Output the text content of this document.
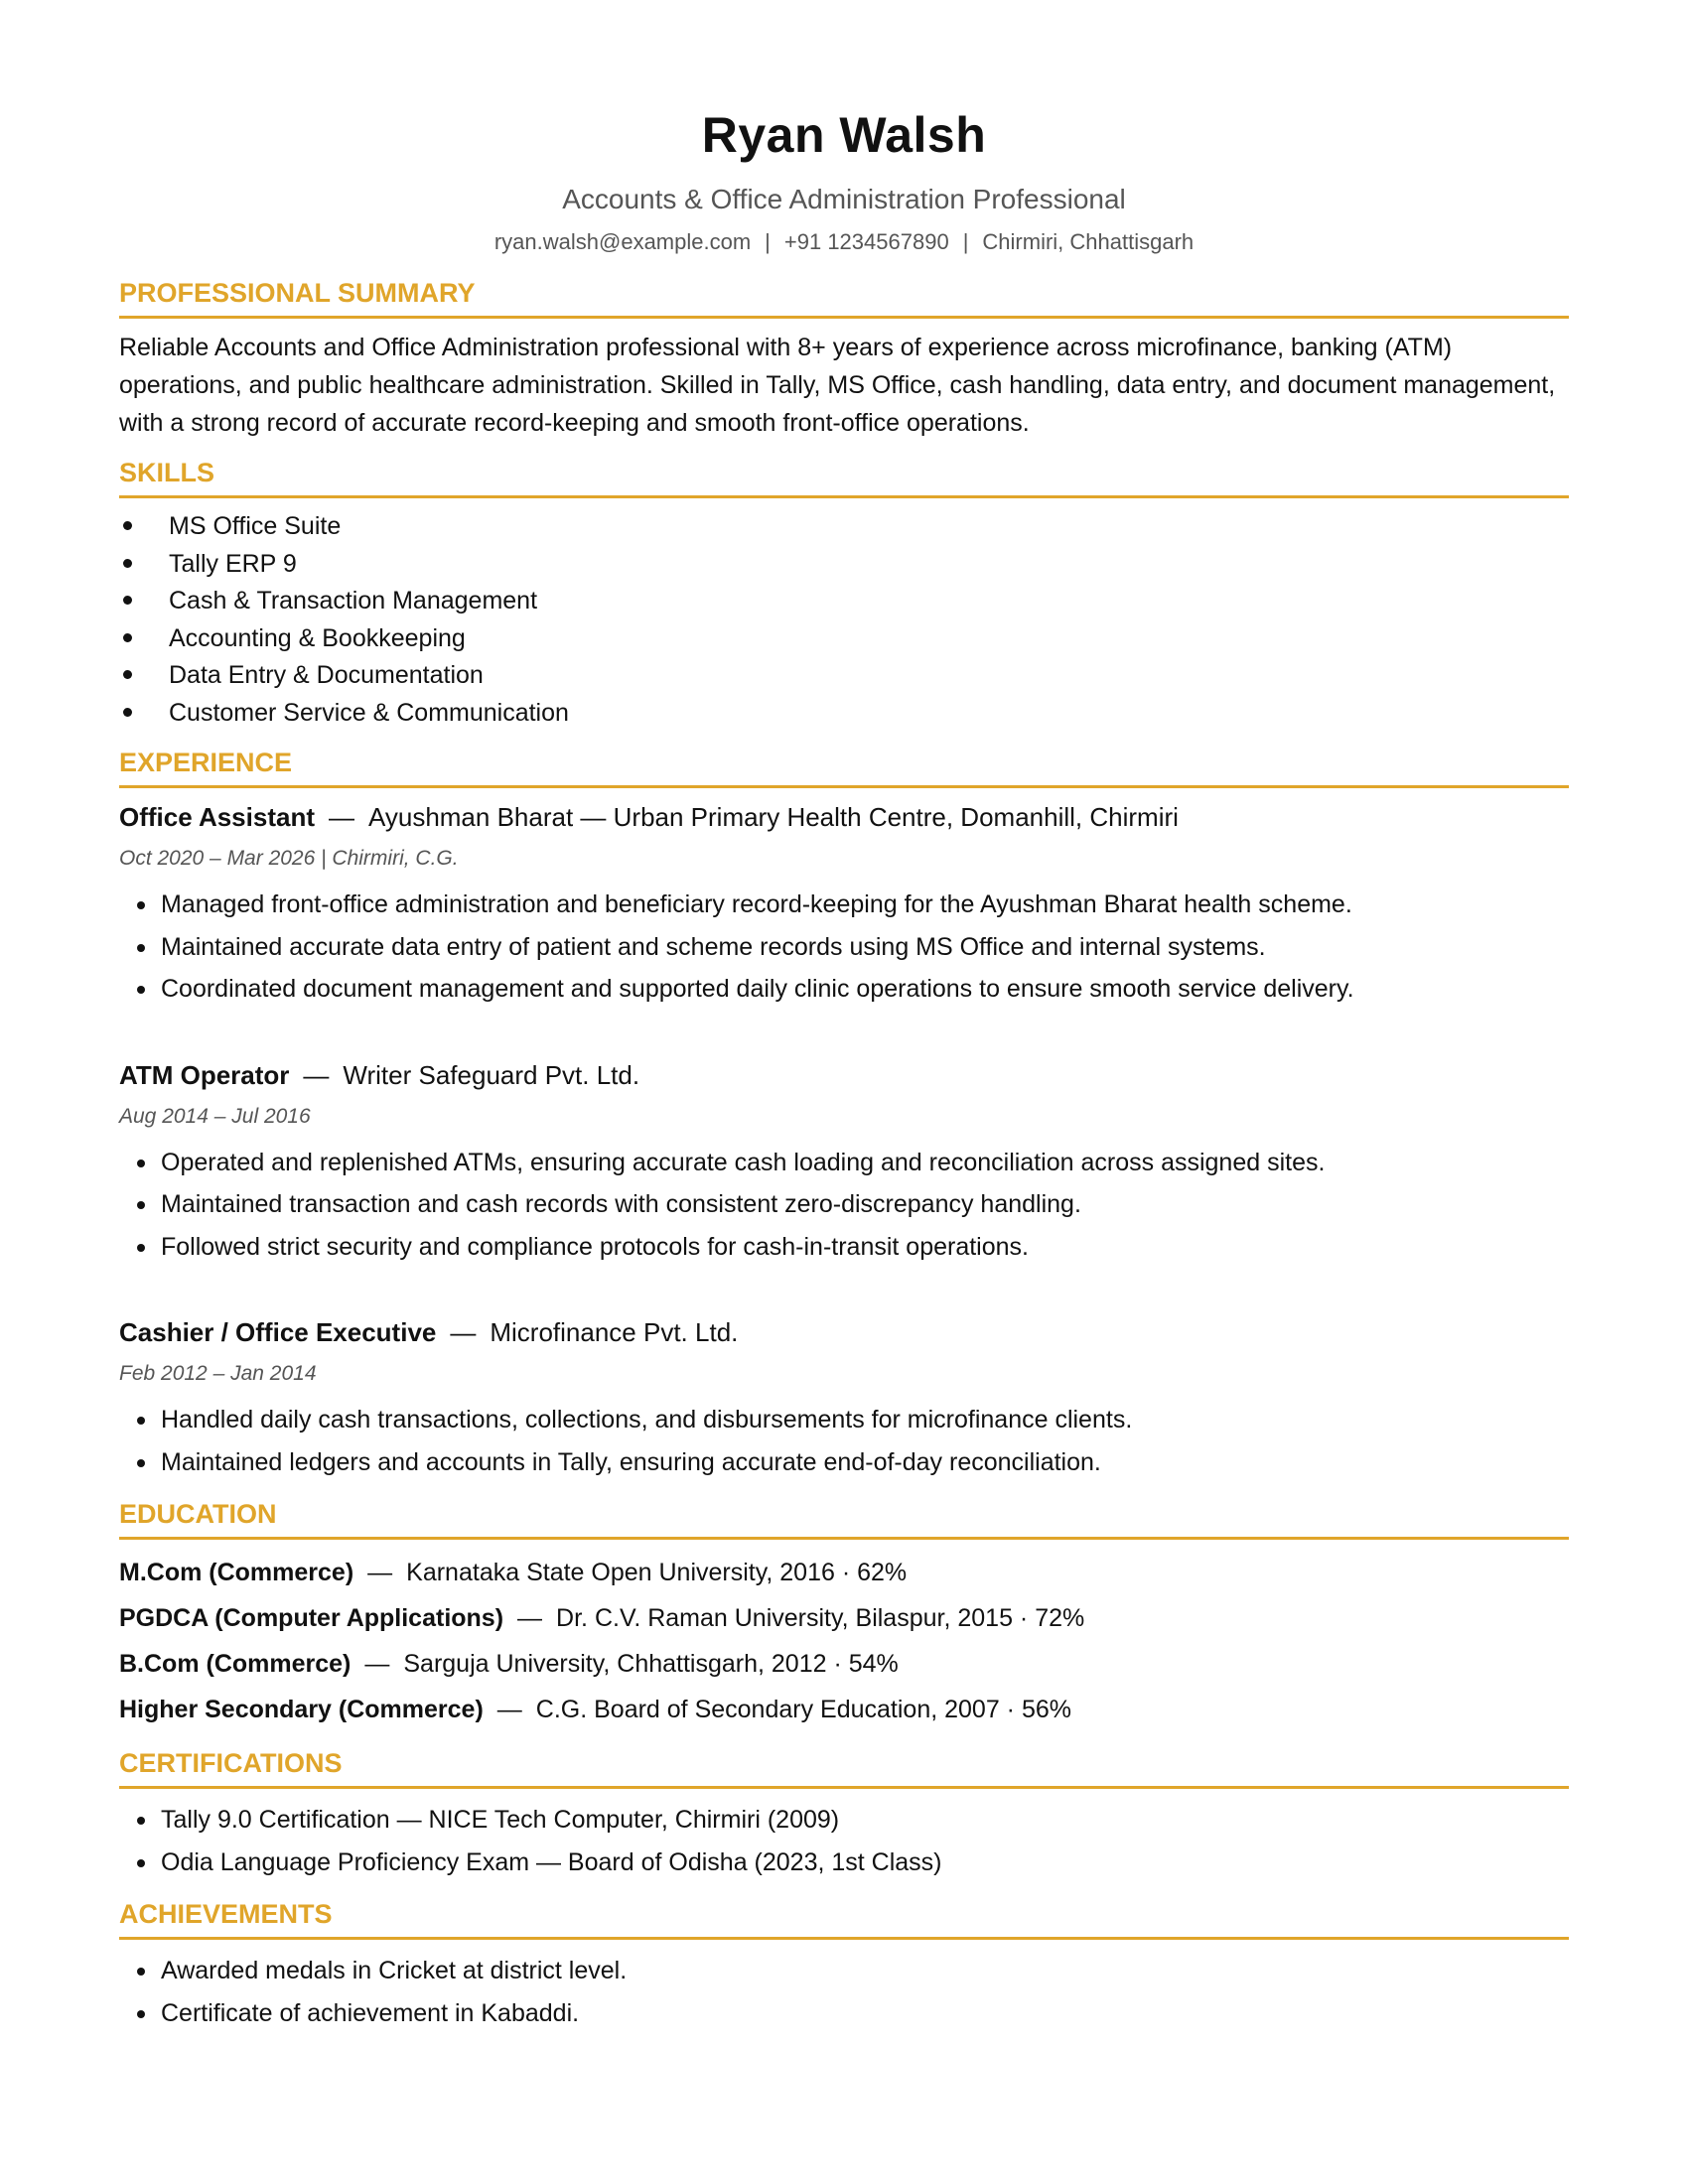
Ryan Walsh
Accounts & Office Administration Professional
ryan.walsh@example.com | +91 1234567890 | Chirmiri, Chhattisgarh
PROFESSIONAL SUMMARY

Reliable Accounts and Office Administration professional with 8+ years of experience across microfinance, banking (ATM) operations, and public healthcare administration. Skilled in Tally, MS Office, cash handling, data entry, and document management, with a strong record of accurate record-keeping and smooth front-office operations.

SKILLS
MS Office Suite
Tally ERP 9
Cash & Transaction Management
Accounting & Bookkeeping
Data Entry & Documentation
Customer Service & Communication
EXPERIENCE
Office Assistant — Ayushman Bharat — Urban Primary Health Centre, Domanhill, Chirmiri
Oct 2020 – Mar 2026 | Chirmiri, C.G.
Managed front-office administration and beneficiary record-keeping for the Ayushman Bharat health scheme.
Maintained accurate data entry of patient and scheme records using MS Office and internal systems.
Coordinated document management and supported daily clinic operations to ensure smooth service delivery.
ATM Operator — Writer Safeguard Pvt. Ltd.
Aug 2014 – Jul 2016
Operated and replenished ATMs, ensuring accurate cash loading and reconciliation across assigned sites.
Maintained transaction and cash records with consistent zero-discrepancy handling.
Followed strict security and compliance protocols for cash-in-transit operations.
Cashier / Office Executive — Microfinance Pvt. Ltd.
Feb 2012 – Jan 2014
Handled daily cash transactions, collections, and disbursements for microfinance clients.
Maintained ledgers and accounts in Tally, ensuring accurate end-of-day reconciliation.
EDUCATION
M.Com (Commerce) — Karnataka State Open University, 2016 · 62%
PGDCA (Computer Applications) — Dr. C.V. Raman University, Bilaspur, 2015 · 72%
B.Com (Commerce) — Sarguja University, Chhattisgarh, 2012 · 54%
Higher Secondary (Commerce) — C.G. Board of Secondary Education, 2007 · 56%
CERTIFICATIONS
Tally 9.0 Certification — NICE Tech Computer, Chirmiri (2009)
Odia Language Proficiency Exam — Board of Odisha (2023, 1st Class)
ACHIEVEMENTS
Awarded medals in Cricket at district level.
Certificate of achievement in Kabaddi.
